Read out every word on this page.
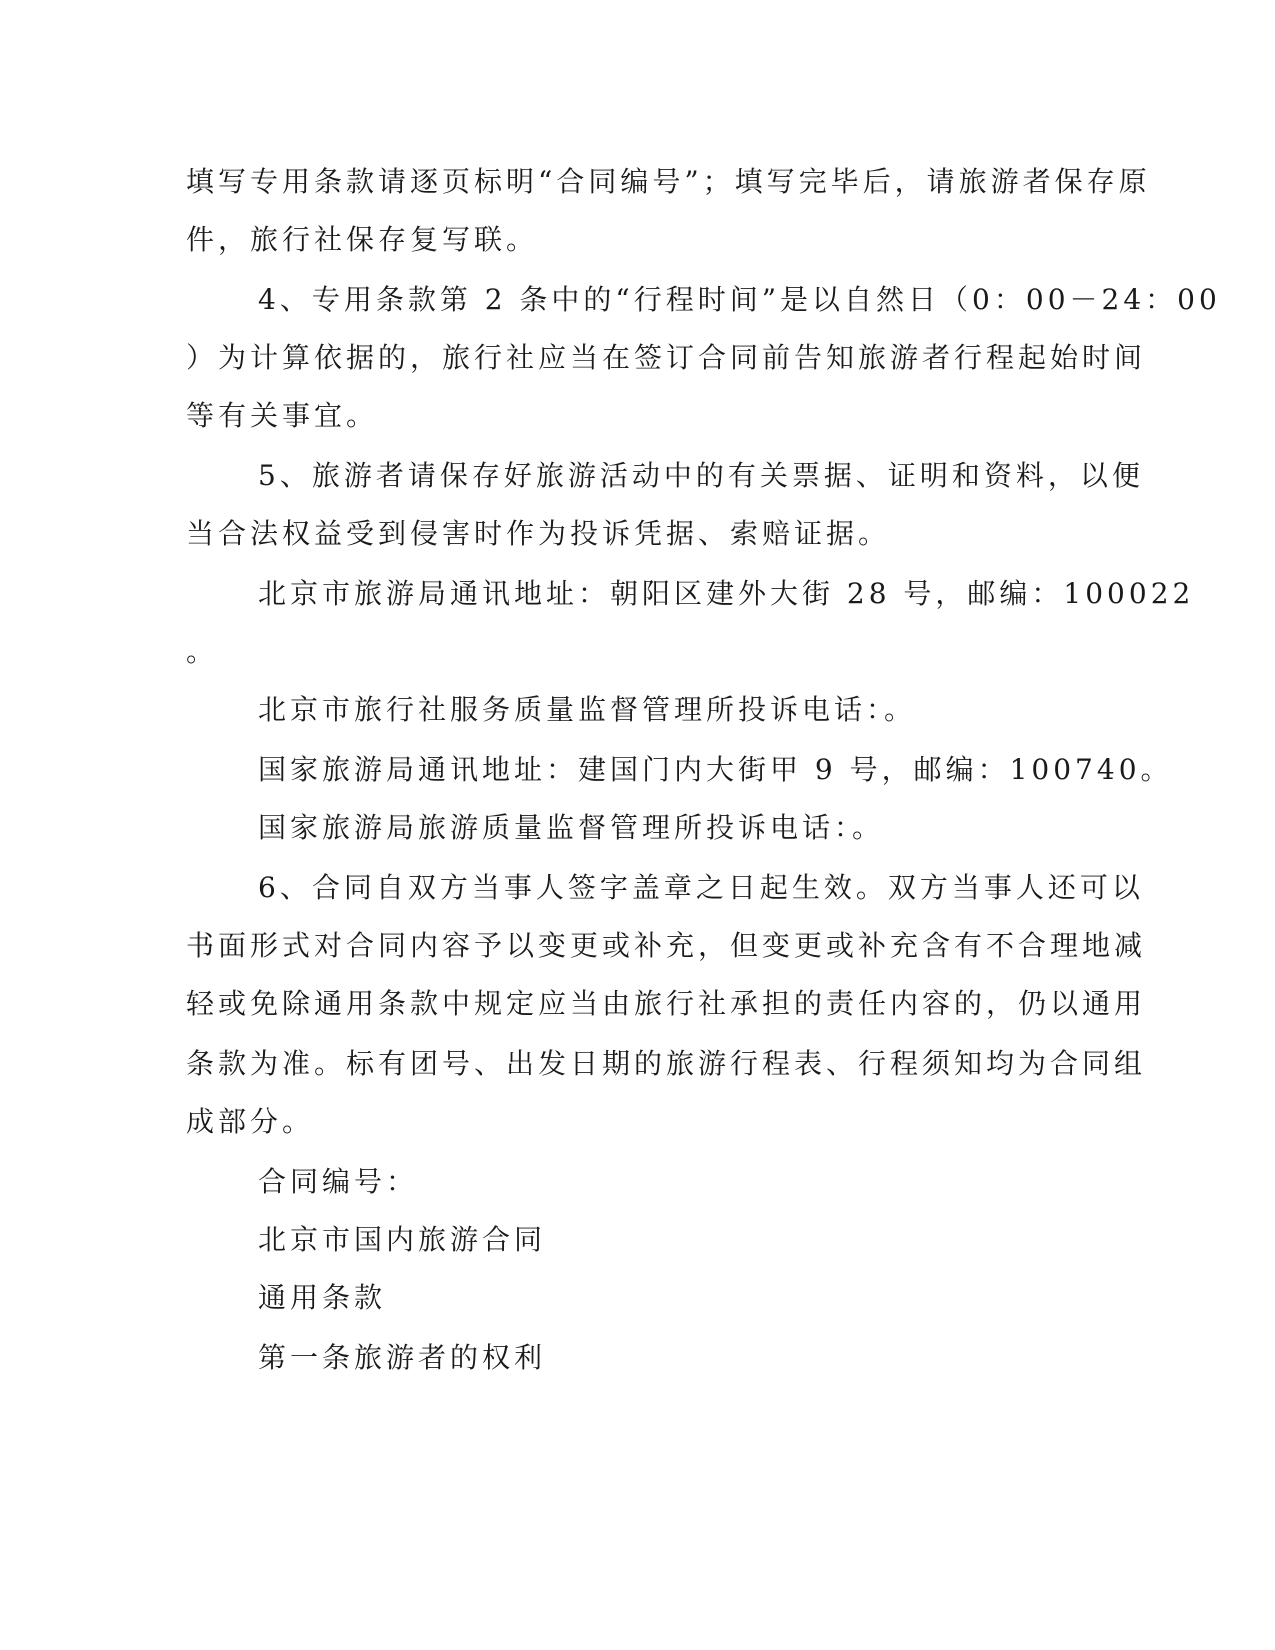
填写专用条款请逐页标明“合同编号”；填写完毕后，请旅游者保存原
件，旅行社保存复写联。
4、专用条款第 2 条中的“行程时间”是以自然日（0：00－24：00
）为计算依据的，旅行社应当在签订合同前告知旅游者行程起始时间
等有关事宜。
5、旅游者请保存好旅游活动中的有关票据、证明和资料，以便
当合法权益受到侵害时作为投诉凭据、索赔证据。
北京市旅游局通讯地址：朝阳区建外大街 28 号，邮编：100022
。
北京市旅行社服务质量监督管理所投诉电话：。
国家旅游局通讯地址：建国门内大街甲 9 号，邮编：100740。
国家旅游局旅游质量监督管理所投诉电话：。
6、合同自双方当事人签字盖章之日起生效。双方当事人还可以
书面形式对合同内容予以变更或补充，但变更或补充含有不合理地减
轻或免除通用条款中规定应当由旅行社承担的责任内容的，仍以通用
条款为准。标有团号、出发日期的旅游行程表、行程须知均为合同组
成部分。
合同编号：
北京市国内旅游合同
通用条款
第一条旅游者的权利
